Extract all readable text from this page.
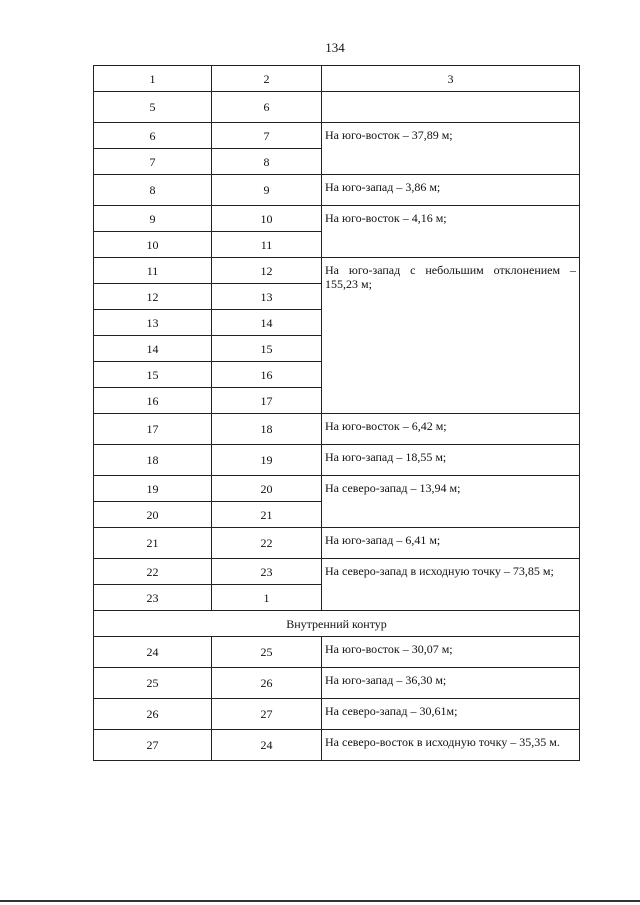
134
1	2	3
5	6	
6	7	На юго-восток – 37,89 м;
7	8	
8	9	На юго-запад – 3,86 м;
9	10	На юго-восток – 4,16 м;
10	11	
11	12	На юго-запад с небольшим отклонением – 155,23 м;
12	13	
13	14	
14	15	
15	16	
16	17	
17	18	На юго-восток – 6,42 м;
18	19	На юго-запад – 18,55 м;
19	20	На северо-запад – 13,94 м;
20	21	
21	22	На юго-запад – 6,41 м;
22	23	На северо-запад в исходную точку – 73,85 м;
23	1	
Внутренний контур		
24	25	На юго-восток – 30,07 м;
25	26	На юго-запад – 36,30 м;
26	27	На северо-запад – 30,61м;
27	24	На северо-восток в исходную точку – 35,35 м.
